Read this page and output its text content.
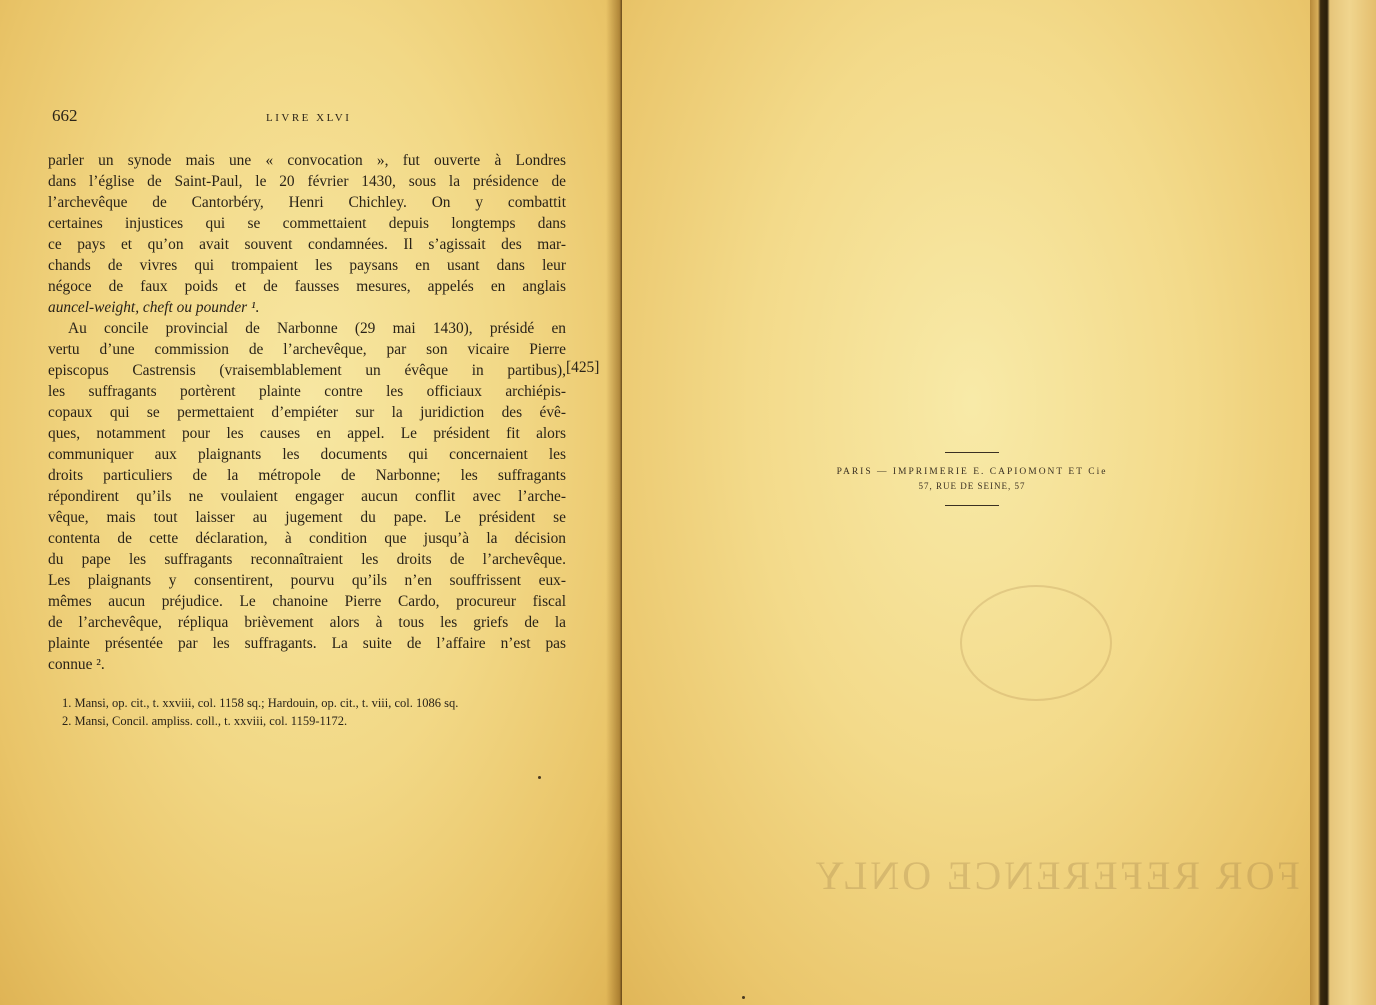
662	LIVRE XLVI
parler un synode mais une « convocation », fut ouverte à Londres
dans l’église de Saint-Paul, le 20 février 1430, sous la présidence de
l’archevêque de Cantorbéry, Henri Chichley. On y combattit
certaines injustices qui se commettaient depuis longtemps dans
ce pays et qu’on avait souvent condamnées. Il s’agissait des mar-
chands de vivres qui trompaient les paysans en usant dans leur
négoce de faux poids et de fausses mesures, appelés en anglais
auncel-weight, cheft ou pounder ¹.
Au concile provincial de Narbonne (29 mai 1430), présidé en
vertu d’une commission de l’archevêque, par son vicaire Pierre
episcopus Castrensis (vraisemblablement un évêque in partibus),
les suffragants portèrent plainte contre les officiaux archiépis-
copaux qui se permettaient d’empiéter sur la juridiction des évê-
ques, notamment pour les causes en appel. Le président fit alors
communiquer aux plaignants les documents qui concernaient les
droits particuliers de la métropole de Narbonne; les suffragants
répondirent qu’ils ne voulaient engager aucun conflit avec l’arche-
vêque, mais tout laisser au jugement du pape. Le président se
contenta de cette déclaration, à condition que jusqu’à la décision
du pape les suffragants reconnaîtraient les droits de l’archevêque.
Les plaignants y consentirent, pourvu qu’ils n’en souffrissent eux-
mêmes aucun préjudice. Le chanoine Pierre Cardo, procureur fiscal
de l’archevêque, répliqua brièvement alors à tous les griefs de la
plainte présentée par les suffragants. La suite de l’affaire n’est pas
connue ².
[425]
1. Mansi, op. cit., t. xxviii, col. 1158 sq.; Hardouin, op. cit., t. viii, col. 1086 sq.
2. Mansi, Concil. ampliss. coll., t. xxviii, col. 1159-1172.
PARIS — IMPRIMERIE E. CAPIOMONT ET Cie
57, RUE DE SEINE, 57
FOR REFERENCE ONLY
